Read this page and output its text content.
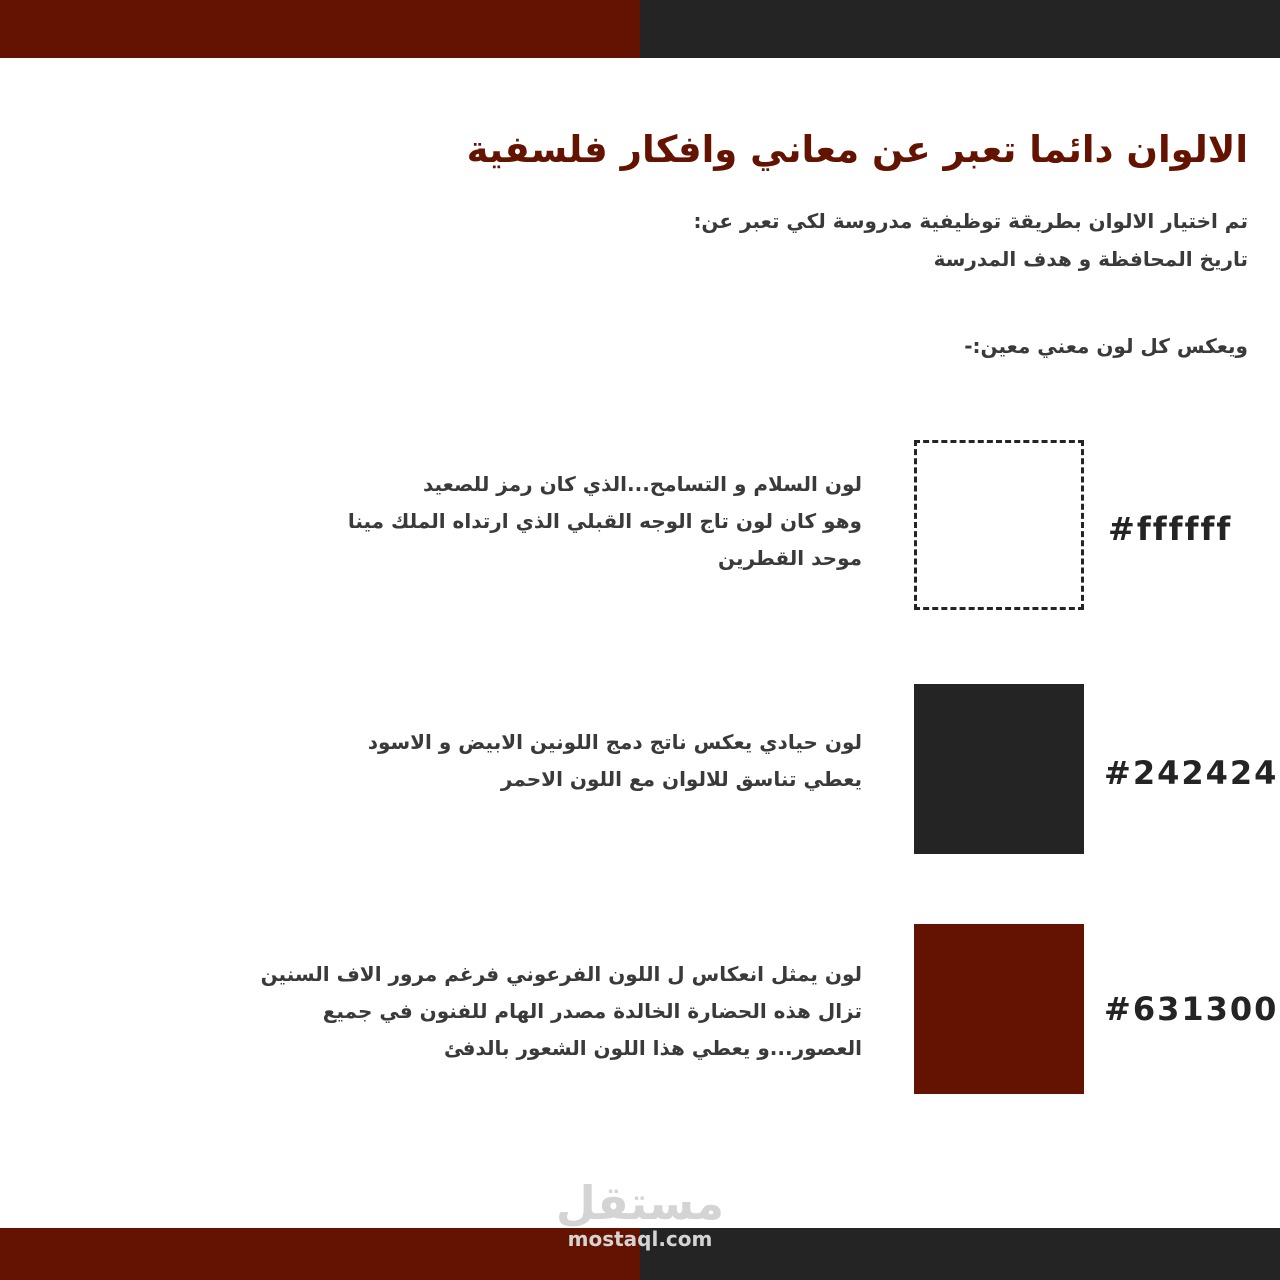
الالوان دائما تعبر عن معاني وافكار فلسفية
تم اختيار الالوان بطريقة توظيفية مدروسة لكي تعبر عن:
تاريخ المحافظة و هدف المدرسة
ويعكس كل لون معني معين:-
#ffffff
لون السلام و التسامح...الذي كان رمز للصعيد
وهو كان لون تاج الوجه القبلي الذي ارتداه الملك مينا
موحد القطرين
#242424
لون حيادي يعكس ناتج دمج اللونين الابيض و الاسود
يعطي تناسق للالوان مع اللون الاحمر
#631300
لون يمثل انعكاس ل اللون الفرعوني فرغم مرور الاف السنين
تزال هذه الحضارة الخالدة مصدر الهام للفنون في جميع
العصور...و يعطي هذا اللون الشعور بالدفئ
مستقل
mostaql.com
